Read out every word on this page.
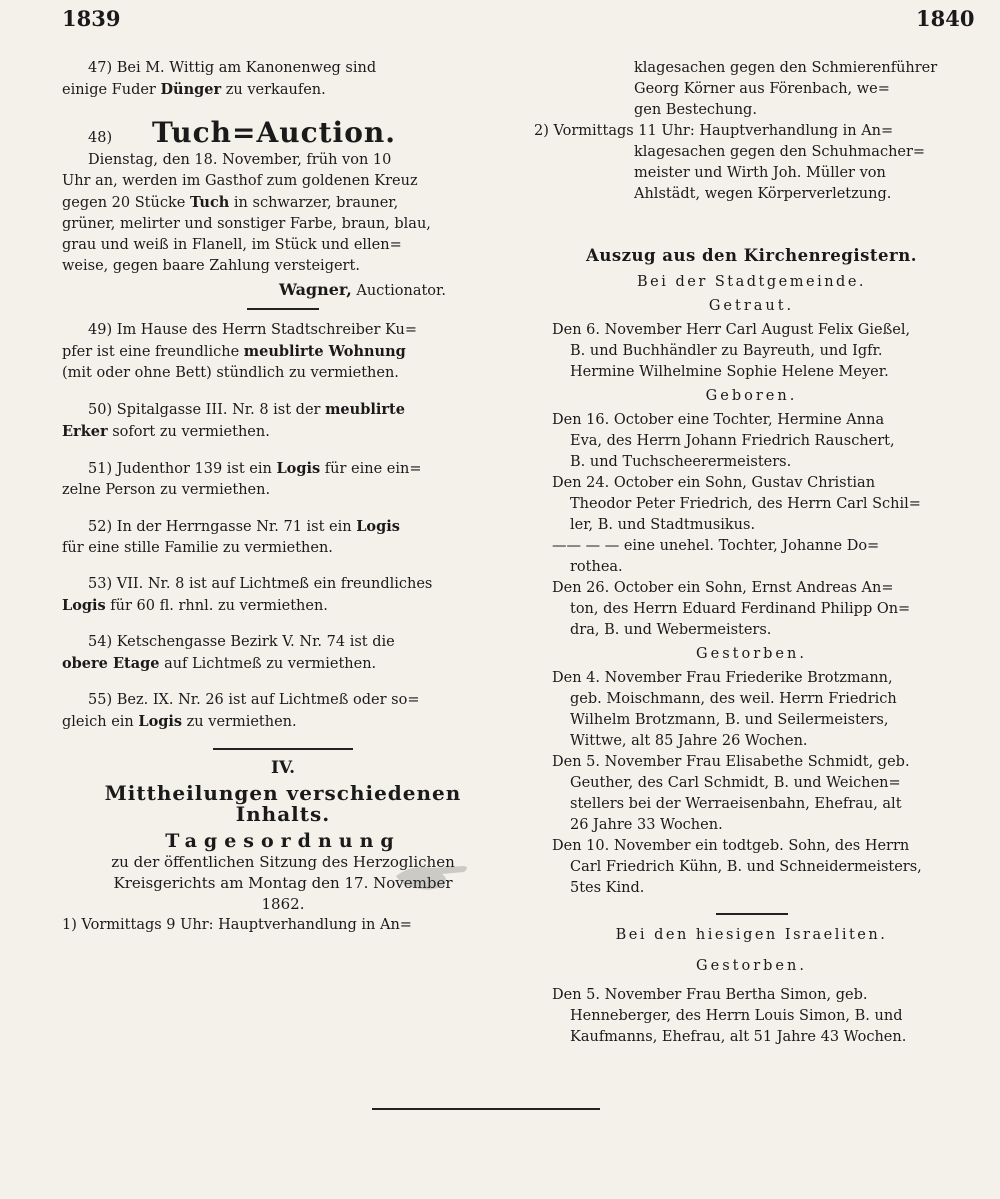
1839	1840

47) Bei M. Wittig am Kanonenweg sind

einige Fuder Dünger zu verkaufen.

48) Tuch=Auction.

Dienstag, den 18. November, früh von 10

Uhr an, werden im Gasthof zum goldenen Kreuz

gegen 20 Stücke Tuch in schwarzer, brauner,

grüner, melirter und sonstiger Farbe, braun, blau,

grau und weiß in Flanell, im Stück und ellen=

weise, gegen baare Zahlung versteigert.

Wagner, Auctionator.

49) Im Hause des Herrn Stadtschreiber Ku=

pfer ist eine freundliche meublirte Wohnung

(mit oder ohne Bett) stündlich zu vermiethen.

50) Spitalgasse III. Nr. 8 ist der meublirte

Erker sofort zu vermiethen.

51) Judenthor 139 ist ein Logis für eine ein=

zelne Person zu vermiethen.

52) In der Herrngasse Nr. 71 ist ein Logis

für eine stille Familie zu vermiethen.

53) VII. Nr. 8 ist auf Lichtmeß ein freundliches

Logis für 60 fl. rhnl. zu vermiethen.

54) Ketschengasse Bezirk V. Nr. 74 ist die

obere Etage auf Lichtmeß zu vermiethen.

55) Bez. IX. Nr. 26 ist auf Lichtmeß oder so=

gleich ein Logis zu vermiethen.

IV.
Mittheilungen verschiedenen Inhalts.
Tagesordnung
zu der öffentlichen Sitzung des Herzoglichen
Kreisgerichts am Montag den 17. November
1862.

1) Vormittags 9 Uhr: Hauptverhandlung in An=

klagesachen gegen den Schmierenführer

Georg Körner aus Förenbach, we=

gen Bestechung.

2) Vormittags 11 Uhr: Hauptverhandlung in An=

klagesachen gegen den Schuhmacher=

meister und Wirth Joh. Müller von

Ahlstädt, wegen Körperverletzung.

Auszug aus den Kirchenregistern.
Bei der Stadtgemeinde.
Getraut.

Den 6. November Herr Carl August Felix Gießel,

B. und Buchhändler zu Bayreuth, und Igfr.

Hermine Wilhelmine Sophie Helene Meyer.

Geboren.

Den 16. October eine Tochter, Hermine Anna

Eva, des Herrn Johann Friedrich Rauschert,

B. und Tuchscheerermeisters.

Den 24. October ein Sohn, Gustav Christian

Theodor Peter Friedrich, des Herrn Carl Schil=

ler, B. und Stadtmusikus.

—— — — eine unehel. Tochter, Johanne Do=

rothea.

Den 26. October ein Sohn, Ernst Andreas An=

ton, des Herrn Eduard Ferdinand Philipp On=

dra, B. und Webermeisters.

Gestorben.

Den 4. November Frau Friederike Brotzmann,

geb. Moischmann, des weil. Herrn Friedrich

Wilhelm Brotzmann, B. und Seilermeisters,

Wittwe, alt 85 Jahre 26 Wochen.

Den 5. November Frau Elisabethe Schmidt, geb.

Geuther, des Carl Schmidt, B. und Weichen=

stellers bei der Werraeisenbahn, Ehefrau, alt

26 Jahre 33 Wochen.

Den 10. November ein todtgeb. Sohn, des Herrn

Carl Friedrich Kühn, B. und Schneidermeisters,

5tes Kind.

Bei den hiesigen Israeliten.
Gestorben.

Den 5. November Frau Bertha Simon, geb.

Henneberger, des Herrn Louis Simon, B. und

Kaufmanns, Ehefrau, alt 51 Jahre 43 Wochen.
